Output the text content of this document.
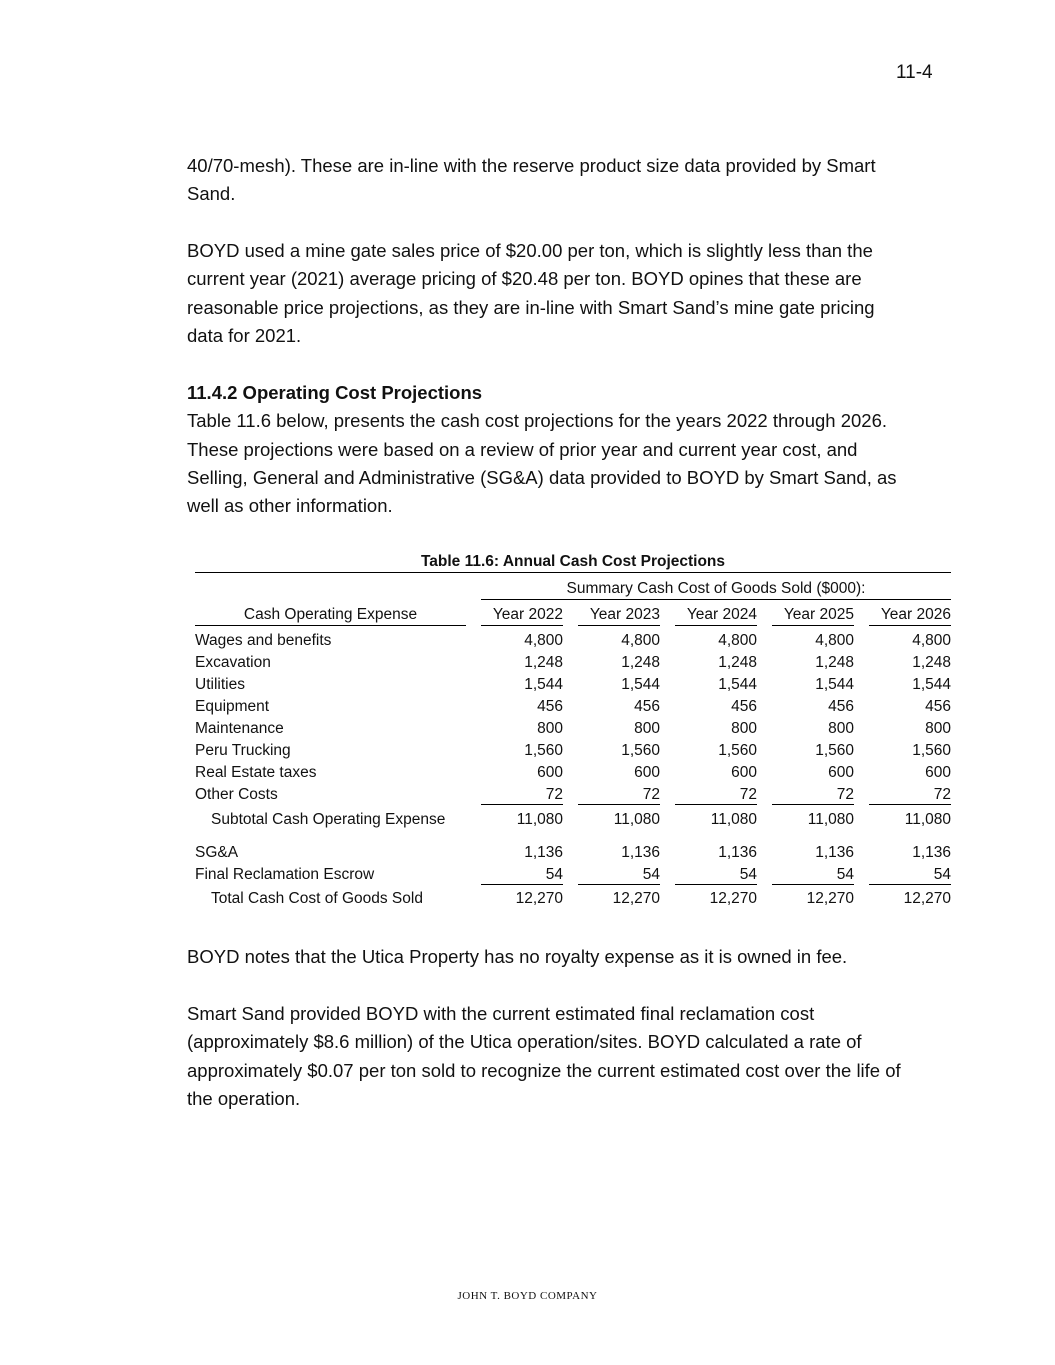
11-4

40/70-mesh). These are in-line with the reserve product size data provided by Smart
Sand.

BOYD used a mine gate sales price of $20.00 per ton, which is slightly less than the
current year (2021) average pricing of $20.48 per ton. BOYD opines that these are
reasonable price projections, as they are in-line with Smart Sand’s mine gate pricing
data for 2021.

11.4.2 Operating Cost Projections
Table 11.6 below, presents the cash cost projections for the years 2022 through 2026.
These projections were based on a review of prior year and current year cost, and
Selling, General and Administrative (SG&A) data provided to BOYD by Smart Sand, as
well as other information.
Table 11.6: Annual Cash Cost Projections
Summary Cash Cost of Goods Sold ($000):
Cash Operating Expense	Year 2022	Year 2023	Year 2024	Year 2025	Year 2026
Wages and benefits	4,800	4,800	4,800	4,800	4,800
Excavation	1,248	1,248	1,248	1,248	1,248
Utilities	1,544	1,544	1,544	1,544	1,544
Equipment	456	456	456	456	456
Maintenance	800	800	800	800	800
Peru Trucking	1,560	1,560	1,560	1,560	1,560
Real Estate taxes	600	600	600	600	600
Other Costs	72	72	72	72	72
Subtotal Cash Operating Expense	11,080	11,080	11,080	11,080	11,080
SG&A	1,136	1,136	1,136	1,136	1,136
Final Reclamation Escrow	54	54	54	54	54
Total Cash Cost of Goods Sold	12,270	12,270	12,270	12,270	12,270

BOYD notes that the Utica Property has no royalty expense as it is owned in fee.

Smart Sand provided BOYD with the current estimated final reclamation cost
(approximately $8.6 million) of the Utica operation/sites. BOYD calculated a rate of
approximately $0.07 per ton sold to recognize the current estimated cost over the life of
the operation.

JOHN T. BOYD COMPANY
